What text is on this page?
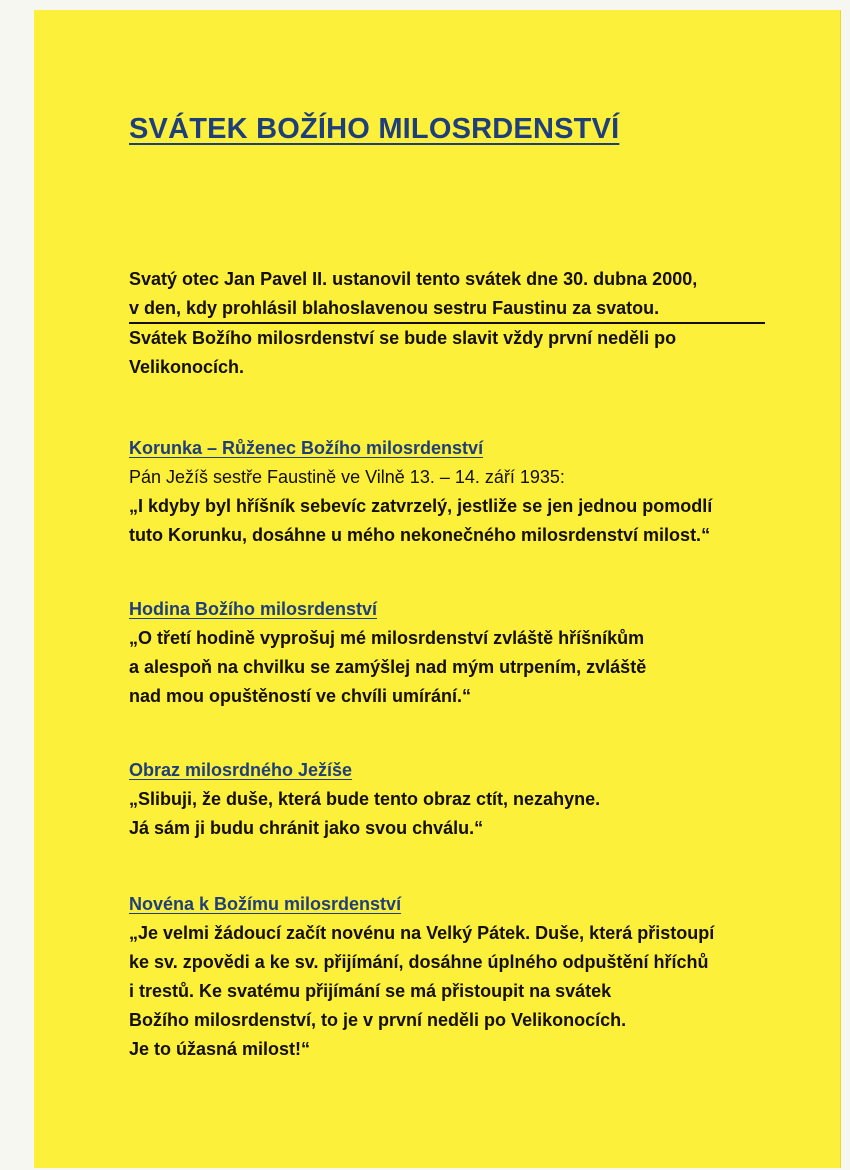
SVÁTEK BOŽÍHO MILOSRDENSTVÍ
Svatý otec Jan Pavel II. ustanovil tento svátek dne 30. dubna 2000,
v den, kdy prohlásil blahoslavenou sestru Faustinu za svatou.
Svátek Božího milosrdenství se bude slavit vždy první neděli po
Velikonocích.
Korunka – Růženec Božího milosrdenství
Pán Ježíš sestře Faustině ve Vilně 13. – 14. září 1935:
„I kdyby byl hříšník sebevíc zatvrzelý, jestliže se jen jednou pomodlí
tuto Korunku, dosáhne u mého nekonečného milosrdenství milost.“
Hodina Božího milosrdenství
„O třetí hodině vyprošuj mé milosrdenství zvláště hříšníkům
a alespoň na chvilku se zamýšlej nad mým utrpením, zvláště
nad mou opuštěností ve chvíli umírání.“
Obraz milosrdného Ježíše
„Slibuji, že duše, která bude tento obraz ctít, nezahyne.
Já sám ji budu chránit jako svou chválu.“
Novéna k Božímu milosrdenství
„Je velmi žádoucí začít novénu na Velký Pátek. Duše, která přistoupí
ke sv. zpovědi a ke sv. přijímání, dosáhne úplného odpuštění hříchů
i trestů. Ke svatému přijímání se má přistoupit na svátek
Božího milosrdenství, to je v první neděli po Velikonocích.
Je to úžasná milost!“
